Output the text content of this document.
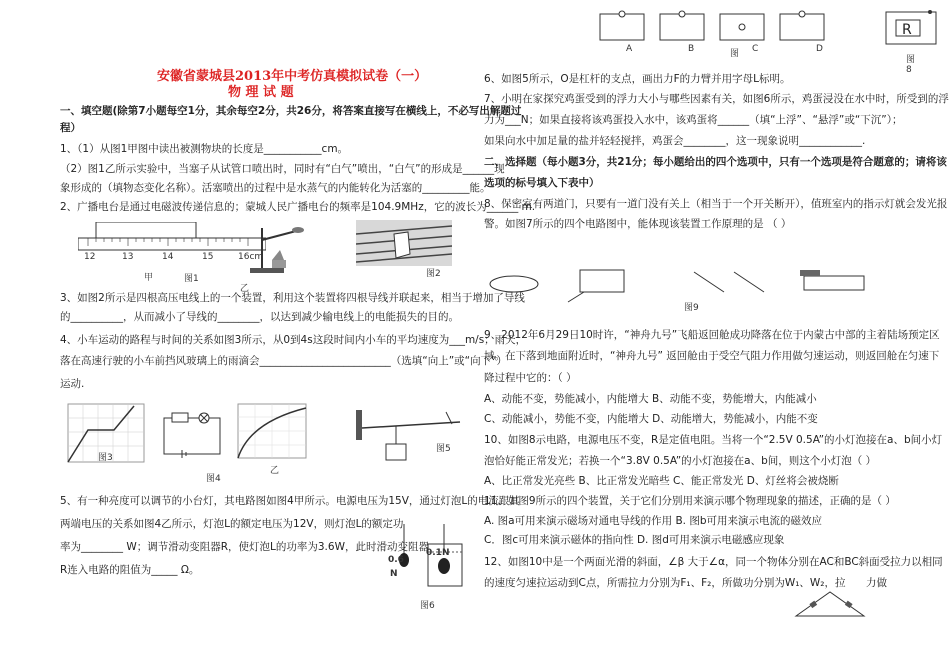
安徽省蒙城县2013年中考仿真模拟试卷（一）
物 理 试 题
一、填空题(除第7小题每空1分，其余每空2分，共26分，将答案直接写在横线上，不必写出解题过
程）
1、（1）从图1甲图中读出被测物块的长度是___________cm。
（2）图1乙所示实验中，当塞子从试管口喷出时，同时有“白气”喷出，“白气”的形成是______现
象形成的（填物态变化名称）。活塞喷出的过程中是水蒸气的内能转化为活塞的_________能。
2、广播电台是通过电磁波传递信息的；蒙城人民广播电台的频率是104.9MHz，它的波长为______ m.
12	13	14	15	16cm
甲	图1
乙
图2
3、如图2所示是四根高压电线上的一个装置，利用这个装置将四根导线并联起来，相当于增加了导线
的__________，从而减小了导线的________，以达到减少输电线上的电能损失的目的。
4、小车运动的路程与时间的关系如图3所示，从0到4s这段时间内小车的平均速度为___m/s；雨天，
落在高速行驶的小车前挡风玻璃上的雨滴会_________________________（选填“向上”或“向下”）
运动.
图3
图4
乙
图5
5、有一种亮度可以调节的小台灯，其电路图如图4甲所示。电源电压为15V，通过灯泡L的电流跟其
两端电压的关系如图4乙所示，灯泡L的额定电压为12V，则灯泡L的额定功
率为________ W；调节滑动变阻器R，使灯泡L的功率为3.6W，此时滑动变阻器
R连入电路的阻值为_____ Ω。
0.6
N
0.1N
图6
A	B	C	D
图
R
图8
6、如图5所示，O是杠杆的支点，画出力F的力臂并用字母L标明。
7、小明在家探究鸡蛋受到的浮力大小与哪些因素有关，如图6所示，鸡蛋浸没在水中时，所受到的浮
力为___N；如果直接将该鸡蛋投入水中，该鸡蛋将______（填“上浮”、“悬浮”或“下沉”）；
如果向水中加足量的盐并轻轻搅拌，鸡蛋会________，这一现象说明____________.
二、选择题（每小题3分，共21分；每小题给出的四个选项中，只有一个选项是符合题意的；请将该
选项的标号填入下表中）
8、保密室有两道门，只要有一道门没有关上（相当于一个开关断开），值班室内的指示灯就会发光报
警。如图7所示的四个电路图中，能体现该装置工作原理的是 （ ）
图9
9、2012年6月29日10时许，“神舟九号”飞船返回舱成功降落在位于内蒙古中部的主着陆场预定区
域。在下落到地面附近时，“神舟九号” 返回舱由于受空气阻力作用做匀速运动，则返回舱在匀速下
降过程中它的：（ ）
A、动能不变，势能减小，内能增大 B、动能不变，势能增大，内能减小
C、动能减小，势能不变，内能增大 D、动能增大，势能减小，内能不变
10、如图8示电路，电源电压不变，R是定值电阻。当将一个“2.5V 0.5A”的小灯泡接在a、b间小灯
泡恰好能正常发光；若换一个“3.8V 0.5A”的小灯泡接在a、b间，则这个小灯泡（ ）
A、比正常发光亮些 B、比正常发光暗些 C、能正常发光 D、灯丝将会被烧断
11、如图9所示的四个装置，关于它们分别用来演示哪个物理现象的描述，正确的是（ ）
A. 图a可用来演示磁场对通电导线的作用 B. 图b可用来演示电流的磁效应
C．图c可用来演示磁体的指向性 D. 图d可用来演示电磁感应现象
12、如图10中是一个两面光滑的斜面，∠β 大于∠α，同一个物体分别在AC和BC斜面受拉力以相同
的速度匀速拉运动到C点，所需拉力分别为F₁、F₂，所做功分别为W₁、W₂，拉 力做
